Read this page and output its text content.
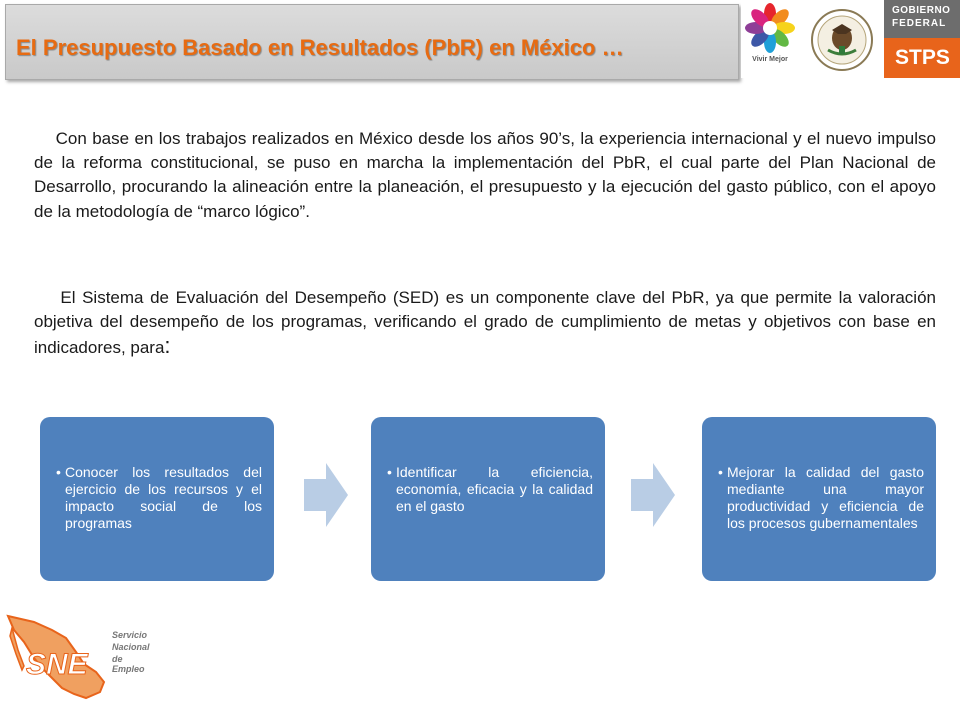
El Presupuesto Basado en Resultados (PbR) en México …	Vivir Mejor
GOBIERNO
FEDERAL
STPS

Con base en los trabajos realizados en México desde los años 90’s, la experiencia internacional y el nuevo impulso de la reforma constitucional, se puso en marcha la implementación del PbR, el cual parte del Plan Nacional de Desarrollo, procurando la alineación entre la planeación, el presupuesto y la ejecución del gasto público, con el apoyo de la metodología de “marco lógico”.

El Sistema de Evaluación del Desempeño (SED) es un componente clave del PbR, ya que permite la valoración objetiva del desempeño de los programas, verificando el grado de cumplimiento de metas y objetivos con base en indicadores, para:

• Conocer los resultados del ejercicio de los recursos y el impacto social de los programas
• Identificar la eficiencia, economía, eficacia y la calidad en el gasto
• Mejorar la calidad del gasto mediante una mayor productividad y eficiencia de los procesos gubernamentales
SNE
Servicio
Nacional
de Empleo
